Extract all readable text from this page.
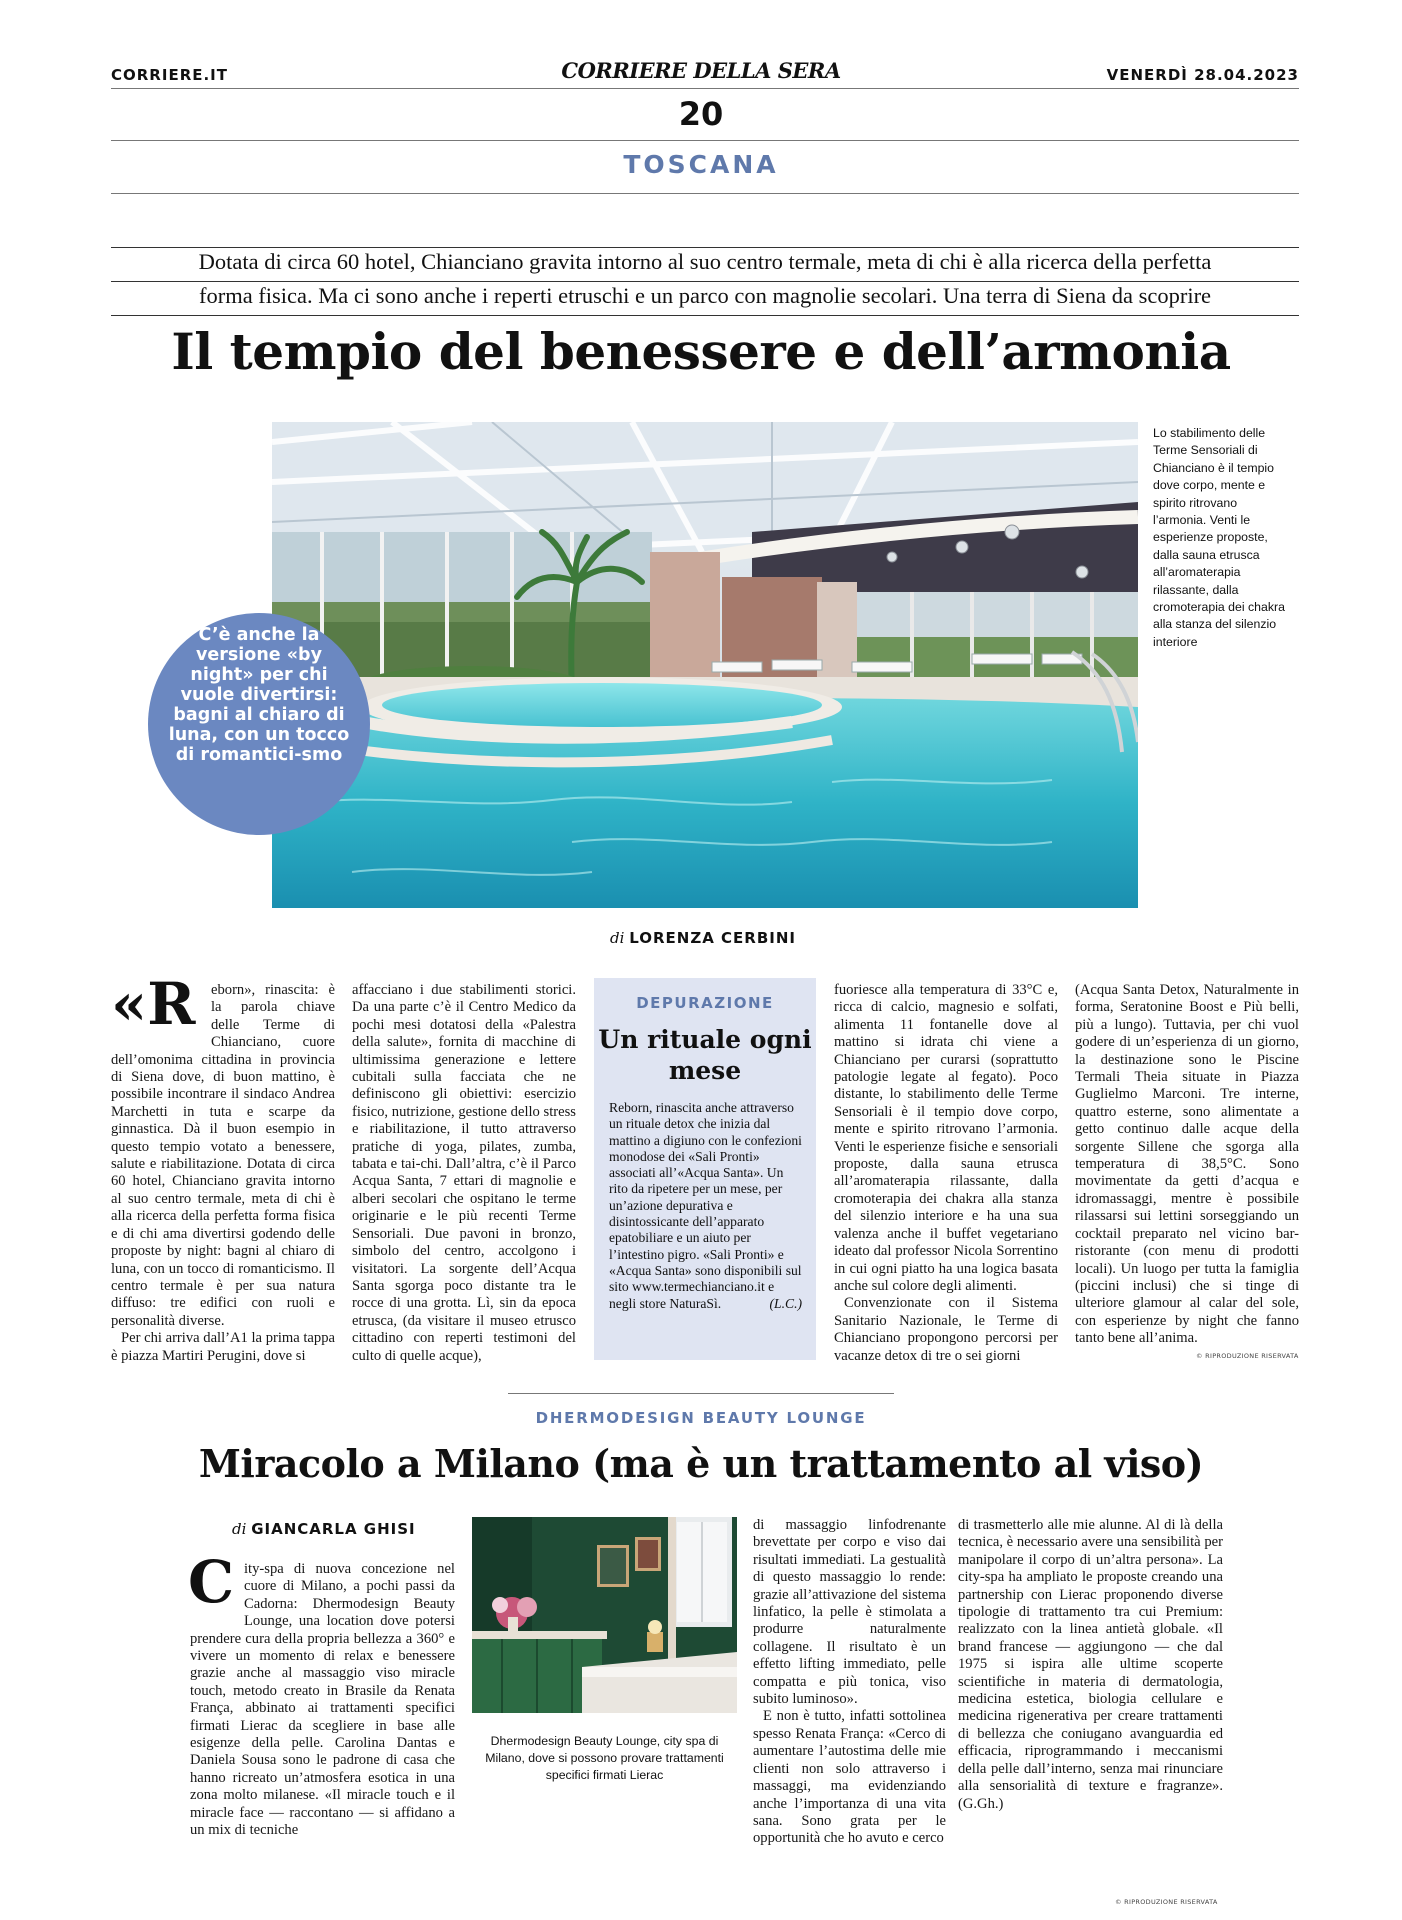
CORRIERE.IT	CORRIERE DELLA SERA	VENERDÌ 28.04.2023
20
TOSCANA
Dotata di circa 60 hotel, Chianciano gravita intorno al suo centro termale, meta di chi è alla ricerca della perfetta
forma fisica. Ma ci sono anche i reperti etruschi e un parco con magnolie secolari. Una terra di Siena da scoprire
Il tempio del benessere e dell’armonia
Lo stabilimento delle Terme Sensoriali di Chianciano è il tempio dove corpo, mente e spirito ritrovano l’armonia. Venti le esperienze proposte, dalla sauna etrusca all’aromaterapia rilassante, dalla cromoterapia dei chakra alla stanza del silenzio interiore
C’è anche la versione «by night» per chi vuole divertirsi: bagni al chiaro di luna, con un tocco di romantici-smo
di LORENZA CERBINI
«R	eborn», rinascita: è la parola chiave delle Terme di Chianciano, cuore dell’omonima cittadina in provincia di Siena dove, di buon mattino, è possibile incontrare il sindaco Andrea Marchetti in tuta e scarpe da ginnastica. Dà il buon esempio in questo tempio votato a benessere, salute e riabilitazione. Dotata di circa 60 hotel, Chianciano gravita intorno al suo centro termale, meta di chi è alla ricerca della perfetta forma fisica e di chi ama divertirsi godendo delle proposte by night: bagni al chiaro di luna, con un tocco di romanticismo. Il centro termale è per sua natura diffuso: tre edifici con ruoli e personalità diverse.

Per chi arriva dall’A1 la prima tappa è piazza Martiri Perugini, dove si

affacciano i due stabilimenti storici. Da una parte c’è il Centro Medico da pochi mesi dotatosi della «Palestra della salute», fornita di macchine di ultimissima generazione e lettere cubitali sulla facciata che ne definiscono gli obiettivi: esercizio fisico, nutrizione, gestione dello stress e riabilitazione, il tutto attraverso pratiche di yoga, pilates, zumba, tabata e tai-chi. Dall’altra, c’è il Parco Acqua Santa, 7 ettari di magnolie e alberi secolari che ospitano le terme originarie e le più recenti Terme Sensoriali. Due pavoni in bronzo, simbolo del centro, accolgono i visitatori. La sorgente dell’Acqua Santa sgorga poco distante tra le rocce di una grotta. Lì, sin da epoca etrusca, (da visitare il museo etrusco cittadino con reperti testimoni del culto di quelle acque),

DEPURAZIONE
Un rituale ogni mese
Reborn, rinascita anche attraverso un rituale detox che inizia dal mattino a digiuno con le confezioni monodose dei «Sali Pronti» associati all’«Acqua Santa». Un rito da ripetere per un mese, per un’azione depurativa e disintossicante dell’apparato epatobiliare e un aiuto per l’intestino pigro. «Sali Pronti» e «Acqua Santa» sono disponibili sul sito www.termechianciano.it e negli store NaturaSì.	(L.C.)

fuoriesce alla temperatura di 33°C e, ricca di calcio, magnesio e solfati, alimenta 11 fontanelle dove al mattino si idrata chi viene a Chianciano per curarsi (soprattutto patologie legate al fegato). Poco distante, lo stabilimento delle Terme Sensoriali è il tempio dove corpo, mente e spirito ritrovano l’armonia. Venti le esperienze fisiche e sensoriali proposte, dalla sauna etrusca all’aromaterapia rilassante, dalla cromoterapia dei chakra alla stanza del silenzio interiore e ha una sua valenza anche il buffet vegetariano ideato dal professor Nicola Sorrentino in cui ogni piatto ha una logica basata anche sul colore degli alimenti.

Convenzionate con il Sistema Sanitario Nazionale, le Terme di Chianciano propongono percorsi per vacanze detox di tre o sei giorni

(Acqua Santa Detox, Naturalmente in forma, Seratonine Boost e Più belli, più a lungo). Tuttavia, per chi vuol godere di un’esperienza di un giorno, la destinazione sono le Piscine Termali Theia situate in Piazza Guglielmo Marconi. Tre interne, quattro esterne, sono alimentate a getto continuo dalle acque della sorgente Sillene che sgorga alla temperatura di 38,5°C. Sono movimentate da getti d’acqua e idromassaggi, mentre è possibile rilassarsi sui lettini sorseggiando un cocktail preparato nel vicino bar-ristorante (con menu di prodotti locali). Un luogo per tutta la famiglia (piccini inclusi) che si tinge di ulteriore glamour al calar del sole, con esperienze by night che fanno tanto bene all’anima.

© RIPRODUZIONE RISERVATA
DHERMODESIGN BEAUTY LOUNGE
Miracolo a Milano (ma è un trattamento al viso)
di GIANCARLA GHISI
C ity-spa di nuova concezione nel cuore di Milano, a pochi passi da Cadorna: Dhermodesign Beauty Lounge, una location dove potersi prendere cura della propria bellezza a 360° e vivere un momento di relax e benessere grazie anche al massaggio viso miracle touch, metodo creato in Brasile da Renata França, abbinato ai trattamenti specifici firmati Lierac da scegliere in base alle esigenze della pelle. Carolina Dantas e Daniela Sousa sono le padrone di casa che hanno ricreato un’atmosfera esotica in una zona molto milanese. «Il miracle touch e il miracle face — raccontano — si affidano a un mix di tecniche

Dhermodesign Beauty Lounge, city spa di Milano, dove si possono provare trattamenti specifici firmati Lierac

di massaggio linfodrenante brevettate per corpo e viso dai risultati immediati. La gestualità di questo massaggio lo rende: grazie all’attivazione del sistema linfatico, la pelle è stimolata a produrre naturalmente collagene. Il risultato è un effetto lifting immediato, pelle compatta e più tonica, viso subito luminoso».

E non è tutto, infatti sottolinea spesso Renata França: «Cerco di aumentare l’autostima delle mie clienti non solo attraverso i massaggi, ma evidenziando anche l’importanza di una vita sana. Sono grata per le opportunità che ho avuto e cerco

di trasmetterlo alle mie alunne. Al di là della tecnica, è necessario avere una sensibilità per manipolare il corpo di un’altra persona». La city-spa ha ampliato le proposte creando una partnership con Lierac proponendo diverse tipologie di trattamento tra cui Premium: realizzato con la linea antietà globale. «Il brand francese — aggiungono — che dal 1975 si ispira alle ultime scoperte scientifiche in materia di dermatologia, medicina estetica, biologia cellulare e medicina rigenerativa per creare trattamenti di bellezza che coniugano avanguardia ed efficacia, riprogrammando i meccanismi della pelle dall’interno, senza mai rinunciare alla sensorialità di texture e fragranze». (G.Gh.)

© RIPRODUZIONE RISERVATA
